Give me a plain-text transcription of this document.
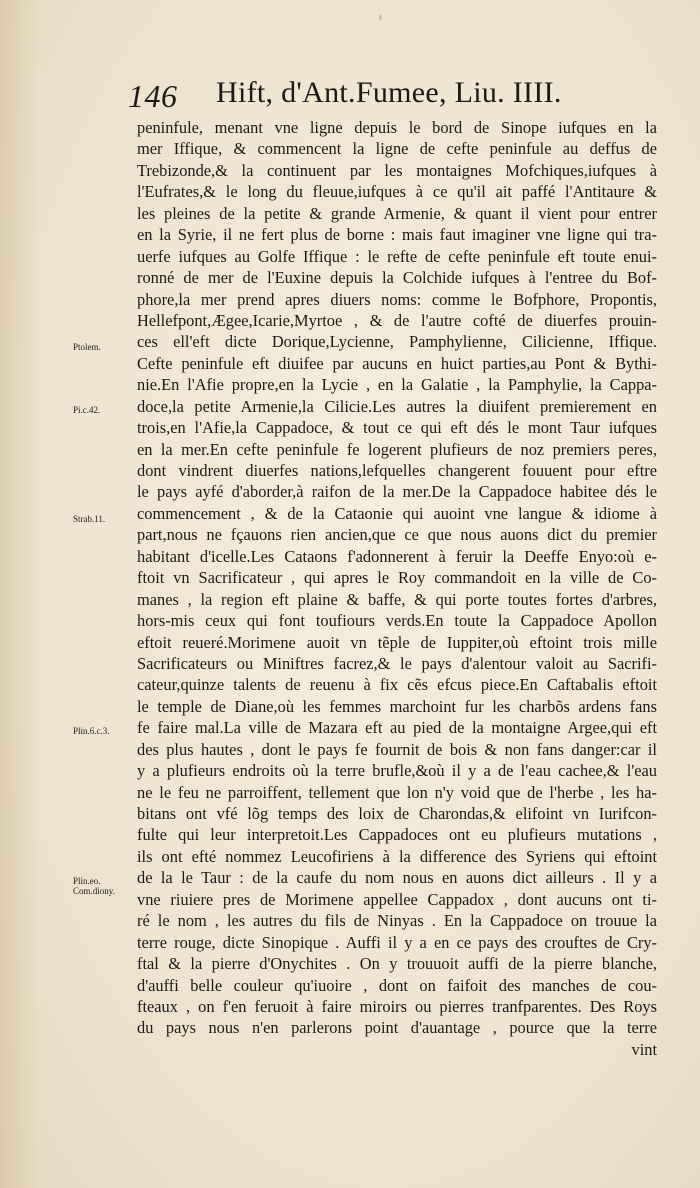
146 Hift, d'Ant.Fumee, Liu. IIII.
Ptolem.
Pi.c.42.
Strab.11.
Plin.6.c.3.
Plin.eo.
Com.diony.
peninfule, menant vne ligne depuis le bord de Sinope iufques en la
mer Iffique, & commencent la ligne de cefte peninfule au deffus de
Trebizonde,& la continuent par les montaignes Mofchiques,iufques à
l'Eufrates,& le long du fleuue,iufques à ce qu'il ait paffé l'Antitaure &
les pleines de la petite & grande Armenie, & quant il vient pour entrer
en la Syrie, il ne fert plus de borne : mais faut imaginer vne ligne qui tra-
uerfe iufques au Golfe Iffique : le refte de cefte peninfule eft toute enui-
ronné de mer de l'Euxine depuis la Colchide iufques à l'entree du Bof-
phore,la mer prend apres diuers noms: comme le Bofphore, Propontis,
Hellefpont,Ægee,Icarie,Myrtoe , & de l'autre cofté de diuerfes prouin-
ces ell'eft dicte Dorique,Lycienne, Pamphylienne, Cilicienne, Iffique.
Cefte peninfule eft diuifee par aucuns en huict parties,au Pont & Bythi-
nie.En l'Afie propre,en la Lycie , en la Galatie , la Pamphylie, la Cappa-
doce,la petite Armenie,la Cilicie.Les autres la diuifent premierement en
trois,en l'Afie,la Cappadoce, & tout ce qui eft dés le mont Taur iufques
en la mer.En cefte peninfule fe logerent plufieurs de noz premiers peres,
dont vindrent diuerfes nations,lefquelles changerent fouuent pour eftre
le pays ayfé d'aborder,à raifon de la mer.De la Cappadoce habitee dés le
commencement , & de la Cataonie qui auoint vne langue & idiome à
part,nous ne fçauons rien ancien,que ce que nous auons dict du premier
habitant d'icelle.Les Cataons f'adonnerent à feruir la Deeffe Enyo:où e-
ftoit vn Sacrificateur , qui apres le Roy commandoit en la ville de Co-
manes , la region eft plaine & baffe, & qui porte toutes fortes d'arbres,
hors-mis ceux qui font toufiours verds.En toute la Cappadoce Apollon
eftoit reueré.Morimene auoit vn tẽple de Iuppiter,où eftoint trois mille
Sacrificateurs ou Miniftres facrez,& le pays d'alentour valoit au Sacrifi-
cateur,quinze talents de reuenu à fix cẽs efcus piece.En Caftabalis eftoit
le temple de Diane,où les femmes marchoint fur les charbõs ardens fans
fe faire mal.La ville de Mazara eft au pied de la montaigne Argee,qui eft
des plus hautes , dont le pays fe fournit de bois & non fans danger:car il
y a plufieurs endroits où la terre brufle,&où il y a de l'eau cachee,& l'eau
ne le feu ne parroiffent, tellement que lon n'y void que de l'herbe , les ha-
bitans ont vfé lõg temps des loix de Charondas,& elifoint vn Iurifcon-
fulte qui leur interpretoit.Les Cappadoces ont eu plufieurs mutations ,
ils ont efté nommez Leucofiriens à la difference des Syriens qui eftoint
de la le Taur : de la caufe du nom nous en auons dict ailleurs . Il y a
vne riuiere pres de Morimene appellee Cappadox , dont aucuns ont ti-
ré le nom , les autres du fils de Ninyas . En la Cappadoce on trouue la
terre rouge, dicte Sinopique . Auffi il y a en ce pays des crouftes de Cry-
ftal & la pierre d'Onychites . On y trouuoit auffi de la pierre blanche,
d'auffi belle couleur qu'iuoire , dont on faifoit des manches de cou-
fteaux , on f'en feruoit à faire miroirs ou pierres tranfparentes. Des Roys
du pays nous n'en parlerons point d'auantage , pource que la terre
vint
